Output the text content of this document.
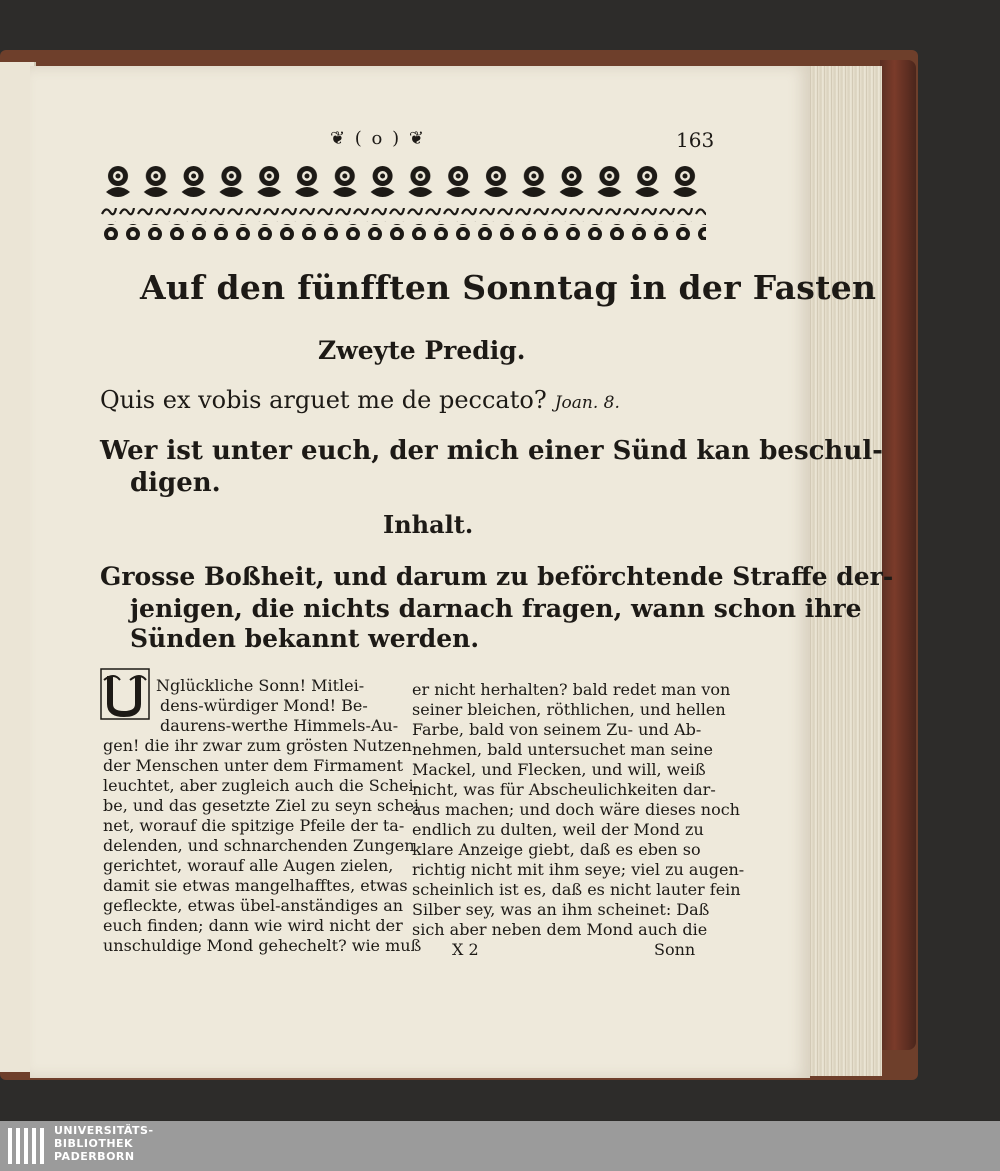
❦ ( o ) ❦	163
Auf den fünfften Sonntag in der Fasten
Zweyte Predig.
Quis ex vobis arguet me de peccato? Joan. 8.
Wer ist unter euch, der mich einer Sünd kan beschul-
digen.
Inhalt.
Grosse Boßheit, und darum zu beförchtende Straffe der-
jenigen, die nichts darnach fragen, wann schon ihre
Sünden bekannt werden.
Nglückliche Sonn! Mitlei-
dens-würdiger Mond! Be-
daurens-werthe Himmels-Au-
gen! die ihr zwar zum grösten Nutzen
der Menschen unter dem Firmament
leuchtet, aber zugleich auch die Schei-
be, und das gesetzte Ziel zu seyn schei-
net, worauf die spitzige Pfeile der ta-
delenden, und schnarchenden Zungen
gerichtet, worauf alle Augen zielen,
damit sie etwas mangelhafftes, etwas
gefleckte, etwas übel-anständiges an
euch finden; dann wie wird nicht der
unschuldige Mond gehechelt? wie muß
er nicht herhalten? bald redet man von
seiner bleichen, röthlichen, und hellen
Farbe, bald von seinem Zu- und Ab-
nehmen, bald untersuchet man seine
Mackel, und Flecken, und will, weiß
nicht, was für Abscheulichkeiten dar-
aus machen; und doch wäre dieses noch
endlich zu dulten, weil der Mond zu
klare Anzeige giebt, daß es eben so
richtig nicht mit ihm seye; viel zu augen-
scheinlich ist es, daß es nicht lauter fein
Silber sey, was an ihm scheinet: Daß
sich aber neben dem Mond auch die
X 2	Sonn
UNIVERSITÄTS-
BIBLIOTHEK
PADERBORN
